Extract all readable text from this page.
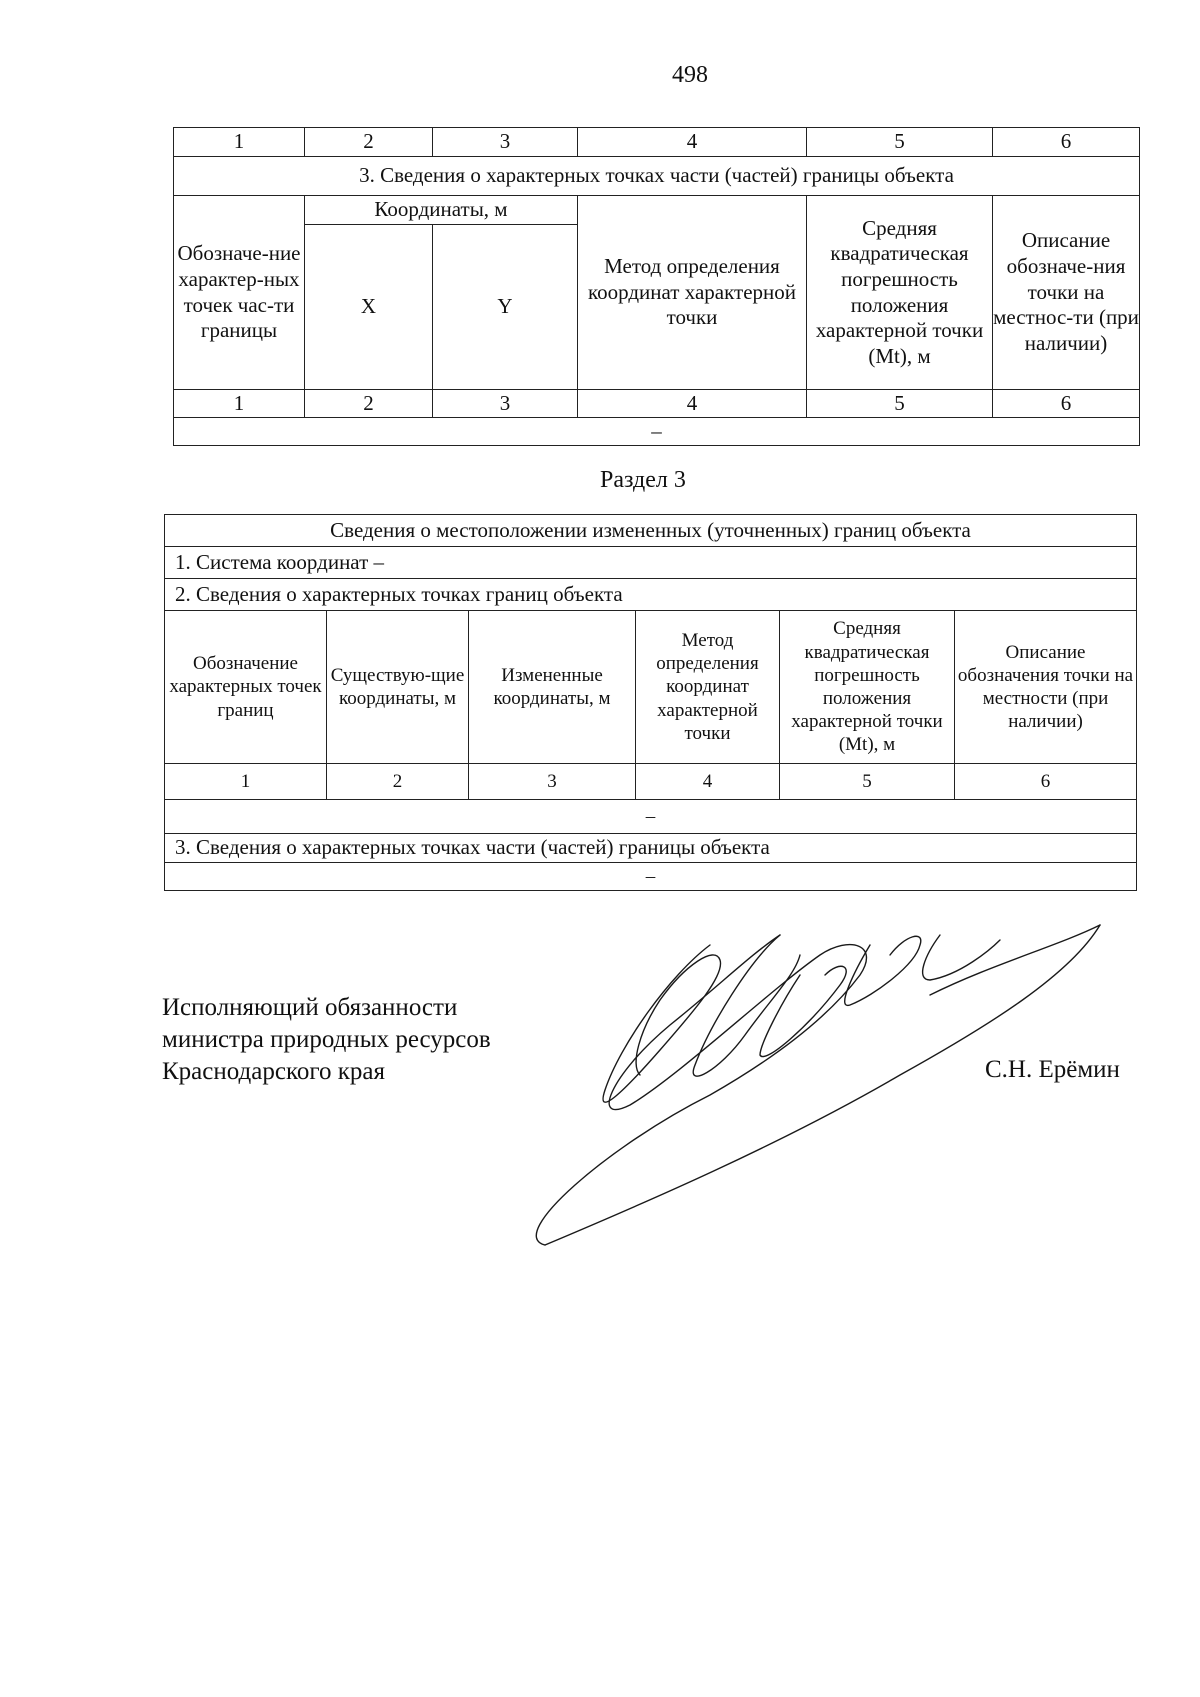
498
1	2	3	4	5	6
3. Сведения о характерных точках части (частей) границы объекта					
Обозначе-ние характер-ных точек час-ти границы	Координаты, м		Метод определения координат характерной точки	Средняя квадратическая погрешность положения характерной точки (Mt), м	Описание обозначе-ния точки на местнос-ти (при наличии)
	X	Y			
1	2	3	4	5	6
–					
Раздел 3
Сведения о местоположении измененных (уточненных) границ объекта					
1. Система координат –					
2. Сведения о характерных точках границ объекта					
Обозначение характерных точек границ	Существую-щие координаты, м	Измененные координаты, м	Метод определения координат характерной точки	Средняя квадратическая погрешность положения характерной точки (Mt), м	Описание обозначения точки на местности (при наличии)
1	2	3	4	5	6
–					
3. Сведения о характерных точках части (частей) границы объекта					
–					
Исполняющий обязанности
министра природных ресурсов
Краснодарского края	С.Н. Ерёмин
